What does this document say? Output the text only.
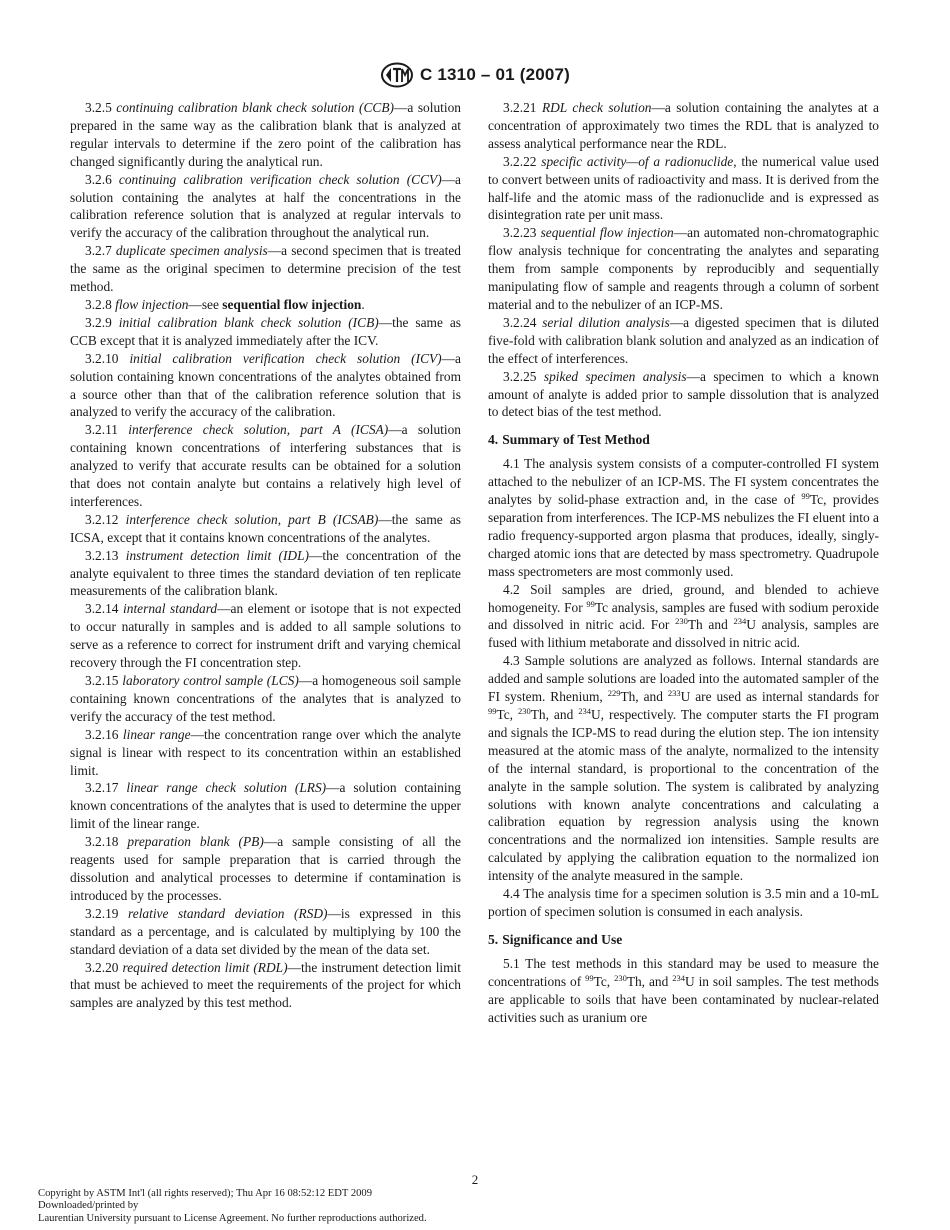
C 1310 – 01 (2007)

3.2.5 continuing calibration blank check solution (CCB)—a solution prepared in the same way as the calibration blank that is analyzed at regular intervals to determine if the zero point of the calibration has changed significantly during the analytical run.

3.2.6 continuing calibration verification check solution (CCV)—a solution containing the analytes at half the concentrations in the calibration reference solution that is analyzed at regular intervals to verify the accuracy of the calibration throughout the analytical run.

3.2.7 duplicate specimen analysis—a second specimen that is treated the same as the original specimen to determine precision of the test method.

3.2.8 flow injection—see sequential flow injection.

3.2.9 initial calibration blank check solution (ICB)—the same as CCB except that it is analyzed immediately after the ICV.

3.2.10 initial calibration verification check solution (ICV)—a solution containing known concentrations of the analytes obtained from a source other than that of the calibration reference solution that is analyzed to verify the accuracy of the calibration.

3.2.11 interference check solution, part A (ICSA)—a solution containing known concentrations of interfering substances that is analyzed to verify that accurate results can be obtained for a solution that does not contain analyte but contains a relatively high level of interferences.

3.2.12 interference check solution, part B (ICSAB)—the same as ICSA, except that it contains known concentrations of the analytes.

3.2.13 instrument detection limit (IDL)—the concentration of the analyte equivalent to three times the standard deviation of ten replicate measurements of the calibration blank.

3.2.14 internal standard—an element or isotope that is not expected to occur naturally in samples and is added to all sample solutions to serve as a reference to correct for instrument drift and varying chemical recovery through the FI concentration step.

3.2.15 laboratory control sample (LCS)—a homogeneous soil sample containing known concentrations of the analytes that is analyzed to verify the accuracy of the test method.

3.2.16 linear range—the concentration range over which the analyte signal is linear with respect to its concentration within an established limit.

3.2.17 linear range check solution (LRS)—a solution containing known concentrations of the analytes that is used to determine the upper limit of the linear range.

3.2.18 preparation blank (PB)—a sample consisting of all the reagents used for sample preparation that is carried through the dissolution and analytical processes to determine if contamination is introduced by the processes.

3.2.19 relative standard deviation (RSD)—is expressed in this standard as a percentage, and is calculated by multiplying by 100 the standard deviation of a data set divided by the mean of the data set.

3.2.20 required detection limit (RDL)—the instrument detection limit that must be achieved to meet the requirements of the project for which samples are analyzed by this test method.

3.2.21 RDL check solution—a solution containing the analytes at a concentration of approximately two times the RDL that is analyzed to assess analytical performance near the RDL.

3.2.22 specific activity—of a radionuclide, the numerical value used to convert between units of radioactivity and mass. It is derived from the half-life and the atomic mass of the radionuclide and is expressed as disintegration rate per unit mass.

3.2.23 sequential flow injection—an automated non-chromatographic flow analysis technique for concentrating the analytes and separating them from sample components by reproducibly and sequentially manipulating flow of sample and reagents through a column of sorbent material and to the nebulizer of an ICP-MS.

3.2.24 serial dilution analysis—a digested specimen that is diluted five-fold with calibration blank solution and analyzed as an indication of the effect of interferences.

3.2.25 spiked specimen analysis—a specimen to which a known amount of analyte is added prior to sample dissolution that is analyzed to detect bias of the test method.

4. Summary of Test Method

4.1 The analysis system consists of a computer-controlled FI system attached to the nebulizer of an ICP-MS. The FI system concentrates the analytes by solid-phase extraction and, in the case of $^{99}$Tc, provides separation from interferences. The ICP-MS nebulizes the FI eluent into a radio frequency-supported argon plasma that produces, ideally, singly-charged atomic ions that are detected by mass spectrometry. Quadrupole mass spectrometers are most commonly used.

4.2 Soil samples are dried, ground, and blended to achieve homogeneity. For $^{99}$Tc analysis, samples are fused with sodium peroxide and dissolved in nitric acid. For $^{230}$Th and $^{234}$U analysis, samples are fused with lithium metaborate and dissolved in nitric acid.

4.3 Sample solutions are analyzed as follows. Internal standards are added and sample solutions are loaded into the automated sampler of the FI system. Rhenium, $^{229}$Th, and $^{233}$U are used as internal standards for $^{99}$Tc, $^{230}$Th, and $^{234}$U, respectively. The computer starts the FI program and signals the ICP-MS to read during the elution step. The ion intensity measured at the atomic mass of the analyte, normalized to the intensity of the internal standard, is proportional to the concentration of the analyte in the sample solution. The system is calibrated by analyzing solutions with known analyte concentrations and calculating a calibration equation by regression analysis using the known concentrations and the normalized ion intensities. Sample results are calculated by applying the calibration equation to the normalized ion intensity of the analyte measured in the sample.

4.4 The analysis time for a specimen solution is 3.5 min and a 10-mL portion of specimen solution is consumed in each analysis.

5. Significance and Use

5.1 The test methods in this standard may be used to measure the concentrations of $^{99}$Tc, $^{230}$Th, and $^{234}$U in soil samples. The test methods are applicable to soils that have been contaminated by nuclear-related activities such as uranium ore

2
Copyright by ASTM Int'l (all rights reserved); Thu Apr 16 08:52:12 EDT 2009
Downloaded/printed by
Laurentian University pursuant to License Agreement. No further reproductions authorized.
